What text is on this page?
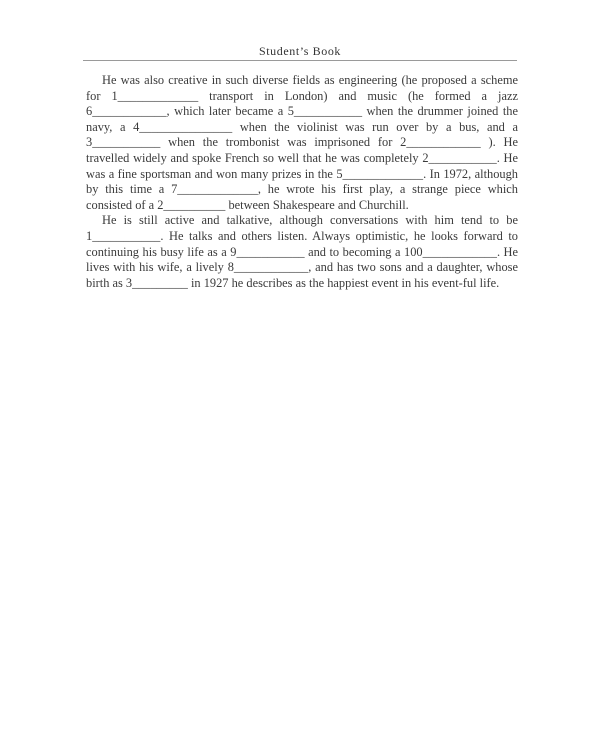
Student’s Book

He was also creative in such diverse fields as engineering (he proposed a scheme for 1_____________ transport in London) and music (he formed a jazz 6____________, which later became a 5___________ when the drummer joined the navy, a 4_______________ when the violinist was run over by a bus, and a 3___________ when the trombonist was imprisoned for 2____________ ). He travelled widely and spoke French so well that he was completely 2___________. He was a fine sportsman and won many prizes in the 5_____________. In 1972, although by this time a 7_____________, he wrote his first play, a strange piece which consisted of a 2__________ between Shakespeare and Churchill.

He is still active and talkative, although conversations with him tend to be 1___________. He talks and others listen. Always optimistic, he looks forward to continuing his busy life as a 9___________ and to becoming a 100____________. He lives with his wife, a lively 8____________, and has two sons and a daughter, whose birth as 3_________ in 1927 he describes as the happiest event in his event-ful life.
